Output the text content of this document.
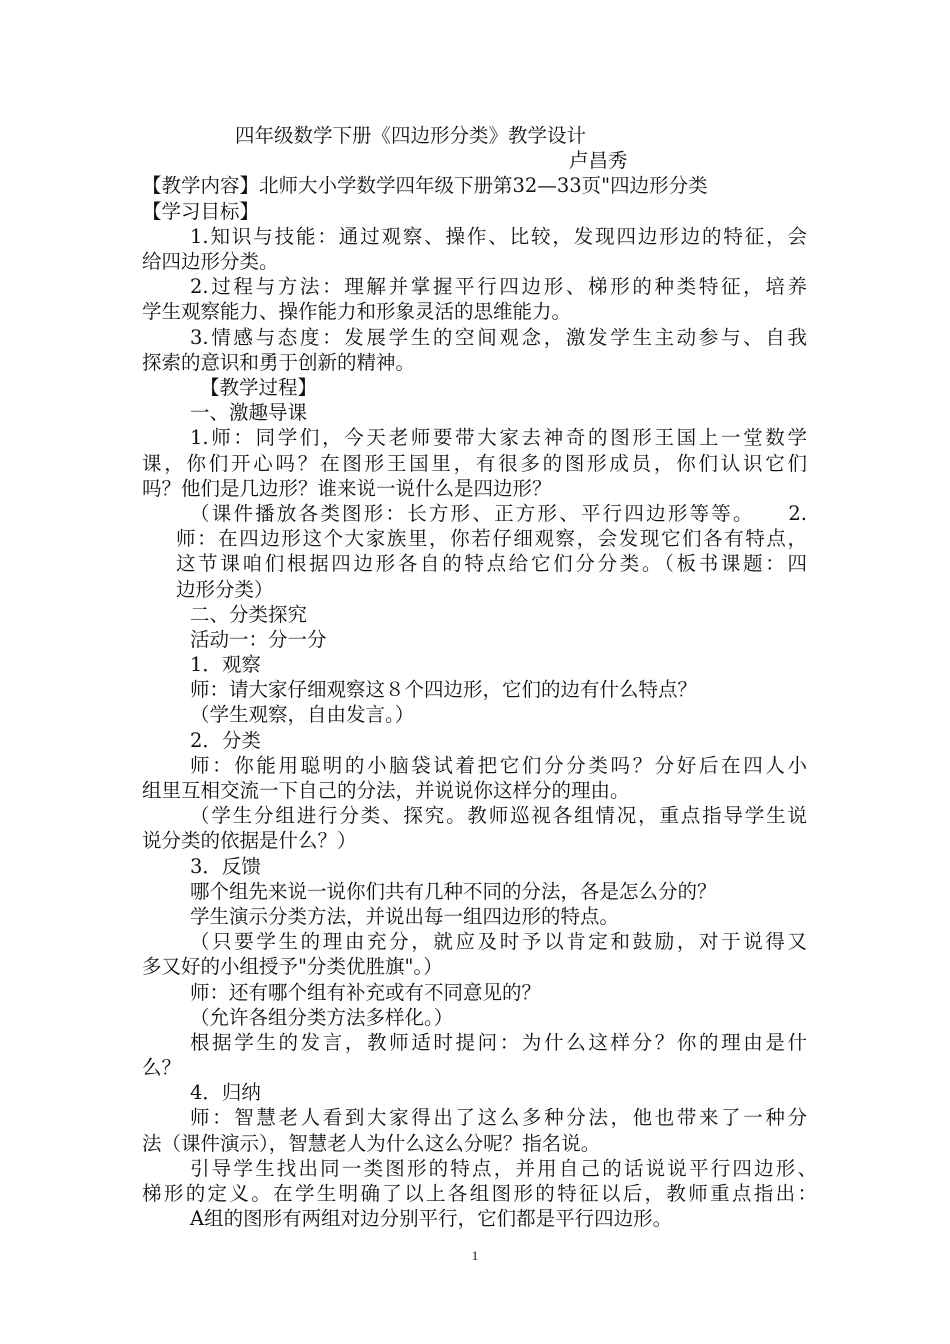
四年级数学下册《四边形分类》教学设计
卢昌秀
【教学内容】北师大小学数学四年级下册第32—33页"四边形分类
【学习目标】
1.知识与技能：通过观察、操作、比较，发现四边形边的特征，会
给四边形分类。
2.过程与方法：理解并掌握平行四边形、梯形的种类特征，培养
学生观察能力、操作能力和形象灵活的思维能力。
3.情感与态度：发展学生的空间观念，激发学生主动参与、自我
探索的意识和勇于创新的精神。
【教学过程】
一、激趣导课
1.师：同学们，今天老师要带大家去神奇的图形王国上一堂数学
课，你们开心吗？在图形王国里，有很多的图形成员，你们认识它们
吗？他们是几边形？谁来说一说什么是四边形？
（课件播放各类图形：长方形、正方形、平行四边形等等。　　2.
师：在四边形这个大家族里，你若仔细观察，会发现它们各有特点，
这节课咱们根据四边形各自的特点给它们分分类。（板书课题：四
边形分类）
二、分类探究
活动一：分一分
1．观察
师：请大家仔细观察这８个四边形，它们的边有什么特点？
（学生观察，自由发言。）
2．分类
师：你能用聪明的小脑袋试着把它们分分类吗？分好后在四人小
组里互相交流一下自己的分法，并说说你这样分的理由。
（学生分组进行分类、探究。教师巡视各组情况，重点指导学生说
说分类的依据是什么？）
3．反馈
哪个组先来说一说你们共有几种不同的分法，各是怎么分的？
学生演示分类方法，并说出每一组四边形的特点。
（只要学生的理由充分，就应及时予以肯定和鼓励，对于说得又
多又好的小组授予"分类优胜旗"。）
师：还有哪个组有补充或有不同意见的？
（允许各组分类方法多样化。）
根据学生的发言，教师适时提问：为什么这样分？你的理由是什
么？
4．归纳
师：智慧老人看到大家得出了这么多种分法，他也带来了一种分
法（课件演示），智慧老人为什么这么分呢？指名说。
引导学生找出同一类图形的特点，并用自己的话说说平行四边形、
梯形的定义。在学生明确了以上各组图形的特征以后，教师重点指出：
A组的图形有两组对边分别平行，它们都是平行四边形。
1
